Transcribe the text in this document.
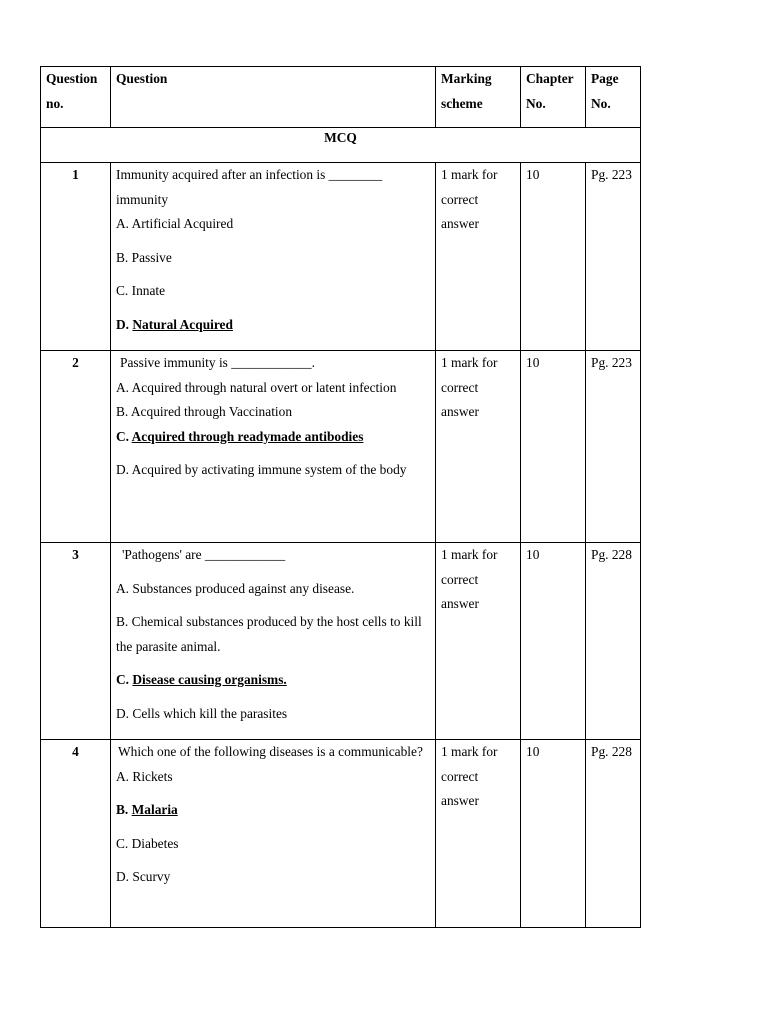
Question no.	Question	Marking scheme	Chapter No.	Page No.
MCQ				
1	Immunity acquired after an infection is ________ immunity
A. Artificial Acquired
B. Passive
C. Innate
D. Natural Acquired	1 mark for correct answer	10	Pg. 223
2	Passive immunity is ____________.
A. Acquired through natural overt or latent infection
B. Acquired through Vaccination
C. Acquired through readymade antibodies
D. Acquired by activating immune system of the body	1 mark for correct answer	10	Pg. 223
3	'Pathogens' are ____________
A. Substances produced against any disease.
B. Chemical substances produced by the host cells to kill the parasite animal.
C. Disease causing organisms.
D. Cells which kill the parasites	1 mark for correct answer	10	Pg. 228
4	Which one of the following diseases is a communicable?
A. Rickets
B. Malaria
C. Diabetes
D. Scurvy	1 mark for correct answer	10	Pg. 228
